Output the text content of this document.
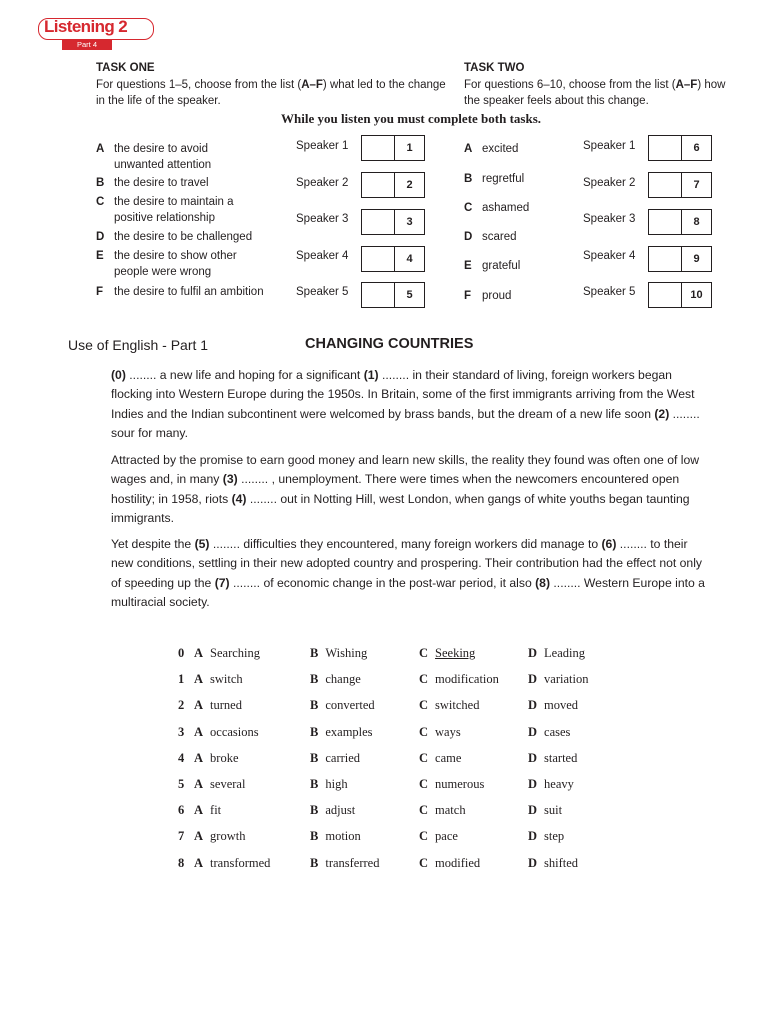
Listening 2
Part 4
TASK ONE
For questions 1–5, choose from the list (A–F) what led to the change in the life of the speaker.
TASK TWO
For questions 6–10, choose from the list (A–F) how the speaker feels about this change.
While you listen you must complete both tasks.
A the desire to avoid unwanted attention
B the desire to travel
C the desire to maintain a positive relationship
D the desire to be challenged
E the desire to show other people were wrong
F the desire to fulfil an ambition
Speaker 1	1
Speaker 2	2
Speaker 3	3
Speaker 4	4
Speaker 5	5
A excited
B regretful
C ashamed
D scared
E grateful
F proud
Speaker 1	6
Speaker 2	7
Speaker 3	8
Speaker 4	9
Speaker 5	10
Use of English - Part 1	CHANGING COUNTRIES
(0) ........ a new life and hoping for a significant (1) ........ in their standard of living, foreign workers began flocking into Western Europe during the 1950s. In Britain, some of the first immigrants arriving from the West Indies and the Indian subcontinent were welcomed by brass bands, but the dream of a new life soon (2) ........ sour for many.
Attracted by the promise to earn good money and learn new skills, the reality they found was often one of low wages and, in many (3) ........ , unemployment. There were times when the newcomers encountered open hostility; in 1958, riots (4) ........ out in Notting Hill, west London, when gangs of white youths began taunting immigrants.
Yet despite the (5) ........ difficulties they encountered, many foreign workers did manage to (6) ........ to their new conditions, settling in their new adopted country and prospering. Their contribution had the effect not only of speeding up the (7) ........ of economic change in the post-war period, it also (8) ........ Western Europe into a multiracial society.
0 A Searching	B Wishing	C Seeking	D Leading
1 A switch	B change	C modification D variation
2 A turned	B converted	C switched	D moved
3 A occasions	B examples	C ways	D cases
4 A broke	B carried	C came	D started
5 A several	B high	C numerous	D heavy
6 A fit	B adjust	C match	D suit
7 A growth	B motion	C pace	D step
8 A transformed	B transferred	C modified	D shifted
